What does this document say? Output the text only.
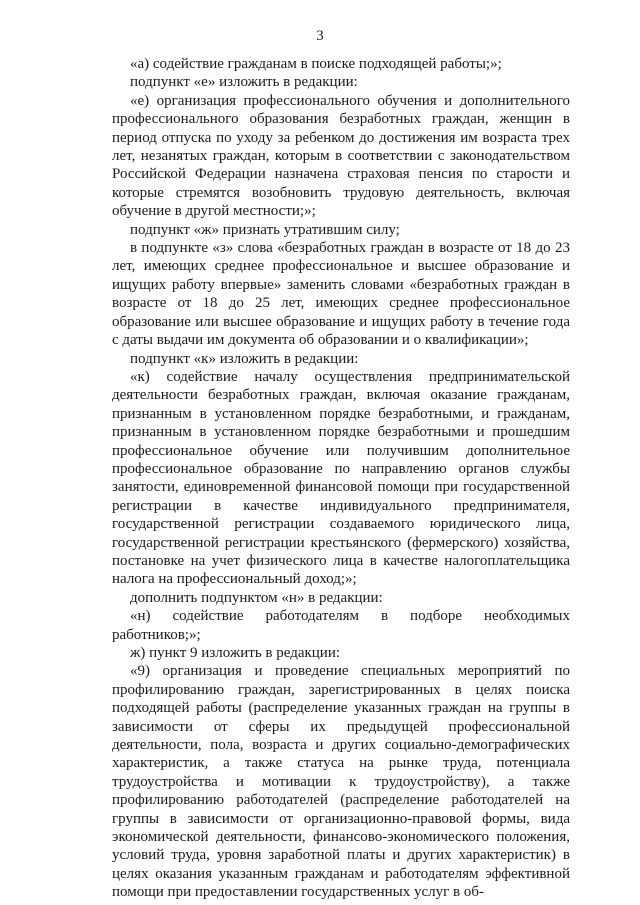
3

«а) содействие гражданам в поиске подходящей работы;»;

подпункт «е» изложить в редакции:

«е) организация профессионального обучения и дополнительного профессионального образования безработных граждан, женщин в период отпуска по уходу за ребенком до достижения им возраста трех лет, незанятых граждан, которым в соответствии с законодательством Российской Федерации назначена страховая пенсия по старости и которые стремятся возобновить трудовую деятельность, включая обучение в другой местности;»;

подпункт «ж» признать утратившим силу;

в подпункте «з» слова «безработных граждан в возрасте от 18 до 23 лет, имеющих среднее профессиональное и высшее образование и ищущих работу впервые» заменить словами «безработных граждан в возрасте от 18 до 25 лет, имеющих среднее профессиональное образование или высшее образование и ищущих работу в течение года с даты выдачи им документа об образовании и о квалификации»;

подпункт «к» изложить в редакции:

«к) содействие началу осуществления предпринимательской деятельности безработных граждан, включая оказание гражданам, признанным в установленном порядке безработными, и гражданам, признанным в установленном порядке безработными и прошедшим профессиональное обучение или получившим дополнительное профессиональное образование по направлению органов службы занятости, единовременной финансовой помощи при государственной регистрации в качестве индивидуального предпринимателя, государственной регистрации создаваемого юридического лица, государственной регистрации крестьянского (фермерского) хозяйства, постановке на учет физического лица в качестве налогоплательщика налога на профессиональный доход;»;

дополнить подпунктом «н» в редакции:

«н) содействие работодателям в подборе необходимых работников;»;

ж) пункт 9 изложить в редакции:

«9) организация и проведение специальных мероприятий по профилированию граждан, зарегистрированных в целях поиска подходящей работы (распределение указанных граждан на группы в зависимости от сферы их предыдущей профессиональной деятельности, пола, возраста и других социально-демографических характеристик, а также статуса на рынке труда, потенциала трудоустройства и мотивации к трудоустройству), а также профилированию работодателей (распределение работодателей на группы в зависимости от организационно-правовой формы, вида экономической деятельности, финансово-экономического положения, условий труда, уровня заработной платы и других характеристик) в целях оказания указанным гражданам и работодателям эффективной помощи при предоставлении государственных услуг в об-
